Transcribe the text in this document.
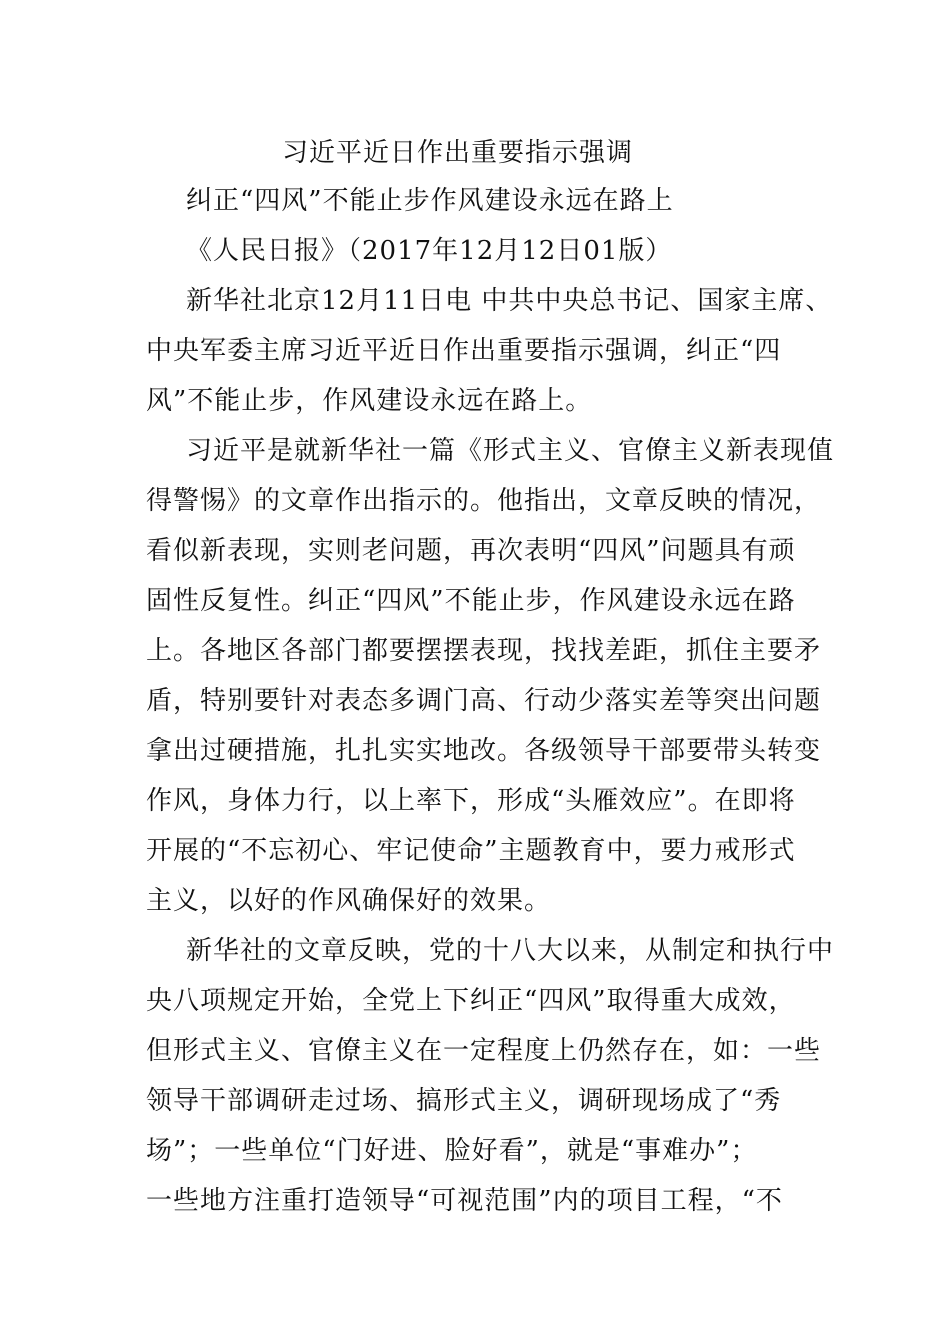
习近平近日作出重要指示强调
纠正“四风”不能止步作风建设永远在路上
《人民日报》（2017年12月12日01版）
新华社北京12月11日电 中共中央总书记、国家主席、
中央军委主席习近平近日作出重要指示强调，纠正“四
风”不能止步，作风建设永远在路上。
习近平是就新华社一篇《形式主义、官僚主义新表现值
得警惕》的文章作出指示的。他指出，文章反映的情况，
看似新表现，实则老问题，再次表明“四风”问题具有顽
固性反复性。纠正“四风”不能止步，作风建设永远在路
上。各地区各部门都要摆摆表现，找找差距，抓住主要矛
盾，特别要针对表态多调门高、行动少落实差等突出问题
拿出过硬措施，扎扎实实地改。各级领导干部要带头转变
作风，身体力行，以上率下，形成“头雁效应”。在即将
开展的“不忘初心、牢记使命”主题教育中，要力戒形式
主义，以好的作风确保好的效果。
新华社的文章反映，党的十八大以来，从制定和执行中
央八项规定开始，全党上下纠正“四风”取得重大成效，
但形式主义、官僚主义在一定程度上仍然存在，如：一些
领导干部调研走过场、搞形式主义，调研现场成了“秀
场”；一些单位“门好进、脸好看”，就是“事难办”；
一些地方注重打造领导“可视范围”内的项目工程，“不
